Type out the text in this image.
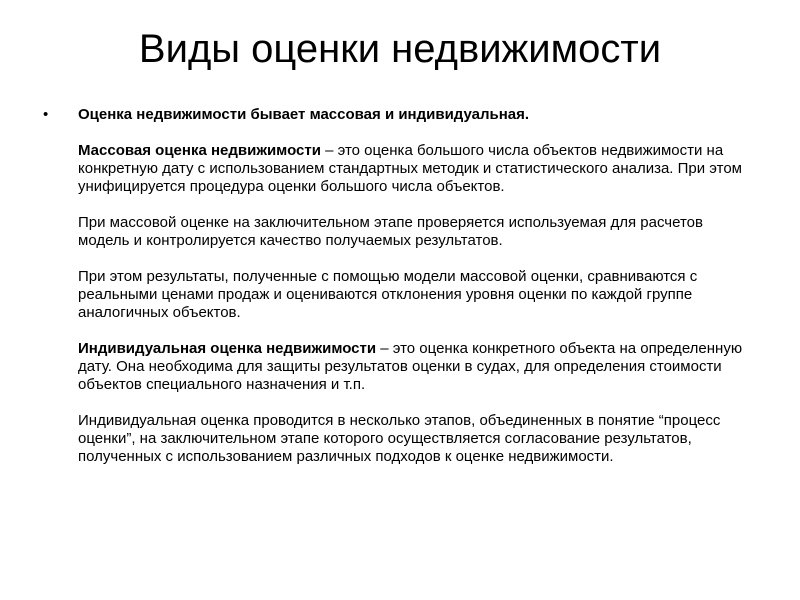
Виды оценки недвижимости
• Оценка недвижимости бывает массовая и индивидуальная.

Массовая оценка недвижимости – это оценка большого числа объектов недвижимости на конкретную дату с использованием стандартных методик и статистического анализа. При этом унифицируется процедура оценки большого числа объектов.

При массовой оценке на заключительном этапе проверяется используемая для расчетов модель и контролируется качество получаемых результатов.

При этом результаты, полученные с помощью модели массовой оценки, сравниваются с реальными ценами продаж и оцениваются отклонения уровня оценки по каждой группе аналогичных объектов.

Индивидуальная оценка недвижимости – это оценка конкретного объекта на определенную дату. Она необходима для защиты результатов оценки в судах, для определения стоимости объектов специального назначения и т.п.

Индивидуальная оценка проводится в несколько этапов, объединенных в понятие “процесс оценки”, на заключительном этапе которого осуществляется согласование результатов, полученных с использованием различных подходов к оценке недвижимости.
